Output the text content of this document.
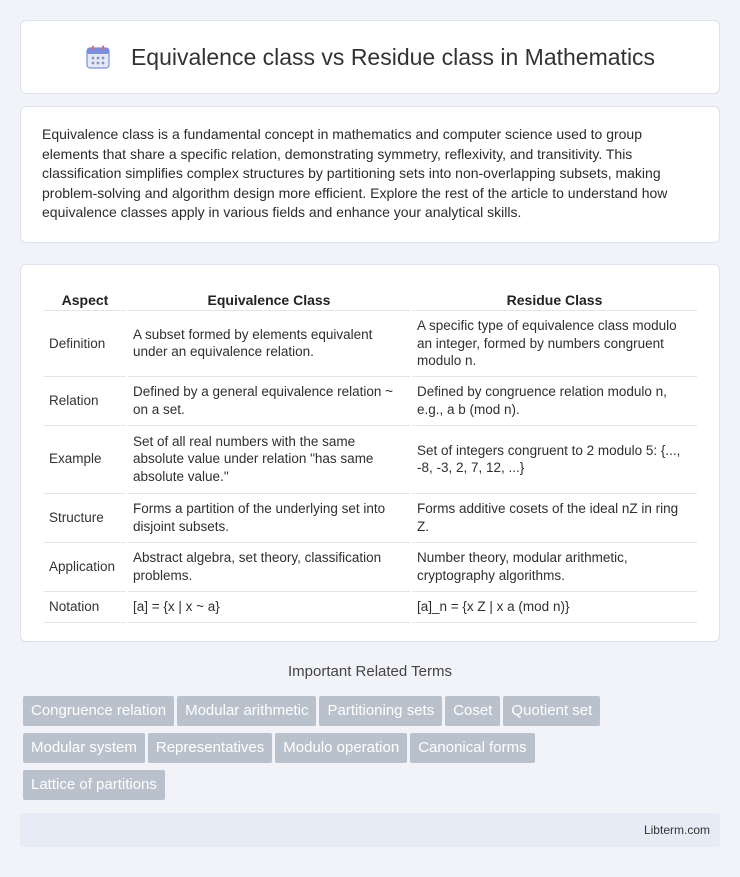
Equivalence class vs Residue class in Mathematics

Equivalence class is a fundamental concept in mathematics and computer science used to group elements that share a specific relation, demonstrating symmetry, reflexivity, and transitivity. This classification simplifies complex structures by partitioning sets into non-overlapping subsets, making problem-solving and algorithm design more efficient. Explore the rest of the article to understand how equivalence classes apply in various fields and enhance your analytical skills.

Aspect	Equivalence Class	Residue Class
Definition	A subset formed by elements equivalent under an equivalence relation.	A specific type of equivalence class modulo an integer, formed by numbers congruent modulo n.
Relation	Defined by a general equivalence relation ~ on a set.	Defined by congruence relation modulo n, e.g., a b (mod n).
Example	Set of all real numbers with the same absolute value under relation "has same absolute value."	Set of integers congruent to 2 modulo 5: {..., -8, -3, 2, 7, 12, ...}
Structure	Forms a partition of the underlying set into disjoint subsets.	Forms additive cosets of the ideal nZ in ring Z.
Application	Abstract algebra, set theory, classification problems.	Number theory, modular arithmetic, cryptography algorithms.
Notation	[a] = {x | x ~ a}	[a]_n = {x Z | x a (mod n)}
Important Related Terms
Congruence relation Modular arithmetic Partitioning sets Coset Quotient set
Modular system Representatives Modulo operation Canonical forms
Lattice of partitions
Libterm.com
